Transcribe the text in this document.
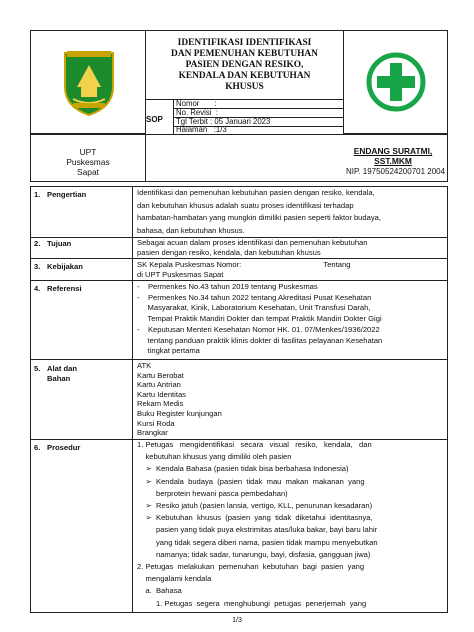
INDRAGIRI HILIR	IDENTIFIKASI IDENTIFIKASI
DAN PEMENUHAN KEBUTUHAN
PASIEN DENGAN RESIKO,
KENDALA DAN KEBUTUHAN
KHUSUS
SOP
Nomor       :
No. Revisi  :
Tgl Terbit : 05 Januari 2023
Halaman   :1/3
UPT
Puskesmas
Sapat
ENDANG SURATMI,
SST.MKM
NIP. 19750524200701 2004
1. Pengertian
2. Tujuan
3. Kebijakan
4. Referensi
5. Alat dan
Bahan
6. Prosedur
Identifikasi dan pemenuhan kebutuhan pasien dengan resiko, kendala,
dan kebutuhan khusus adalah suatu proses identifikasi terhadap
hambatan-hambatan yang mungkin dimiliki pasien seperti faktor budaya,
bahasa, dan kebutuhan khusus.
Sebagai acuan dalam proses identifikasi dan pemenuhan kebutuhan
pasien dengan resiko, kendala, dan kebutuhan khusus
SK Kepala Puskesmas Nomor:                                       Tentang
di UPT Puskesmas Sapat
-    Permenkes No.43 tahun 2019 tentang Puskesmas
-    Permenkes No.34 tahun 2022 tentang Akreditasi Pusat Kesehatan
Masyarakat, Kinik, Laboratorium Kesehatan, Unit Transfusi Darah,
Tempat Praktik Mandiri Dokter dan tempat Praktik Mandiri Dokter Gigi
-    Keputusan Menteri Kesehatan Nomor HK. 01. 07/Menkes/1936/2022
tentang panduan praktik klinis dokter di fasilitas pelayanan Kesehatan
tingkat pertama
ATK
Kartu Berobat
Kartu Antrian
Kartu Identitas
Rekam Medis
Buku Register kunjungan
Kursi Roda
Brangkar
1. Petugas   mengidentifikasi   secara   visual   resiko,   kendala,   dan
kebutuhan khusus yang dimiliki oleh pasien
➢  Kendala Bahasa (pasien tidak bisa berbahasa Indonesia)
➢  Kendala  budaya  (pasien  tidak  mau  makan  makanan  yang
berprotein hewani pasca pembedahan)
➢  Resiko jatuh (pasien lansia, vertigo, KLL, penurunan kesadaran)
➢  Kebutuhan  khusus  (pasien  yang  tidak  diketahui  identitasnya,
pasien yang tidak puya ekstrimitas atas/luka bakar, bayi baru lahir
yang tidak segera diberi nama, pasien tidak mampu menyebutkan
namanya; tidak sadar, tunarungu, bayi, disfasia, gangguan jiwa)
2. Petugas  melakukan  pemenuhan  kebutuhan  bagi  pasien  yang
mengalami kendala
a.  Bahasa
1. Petugas  segera  menghubungi  petugas  penerjemah  yang
1/3
